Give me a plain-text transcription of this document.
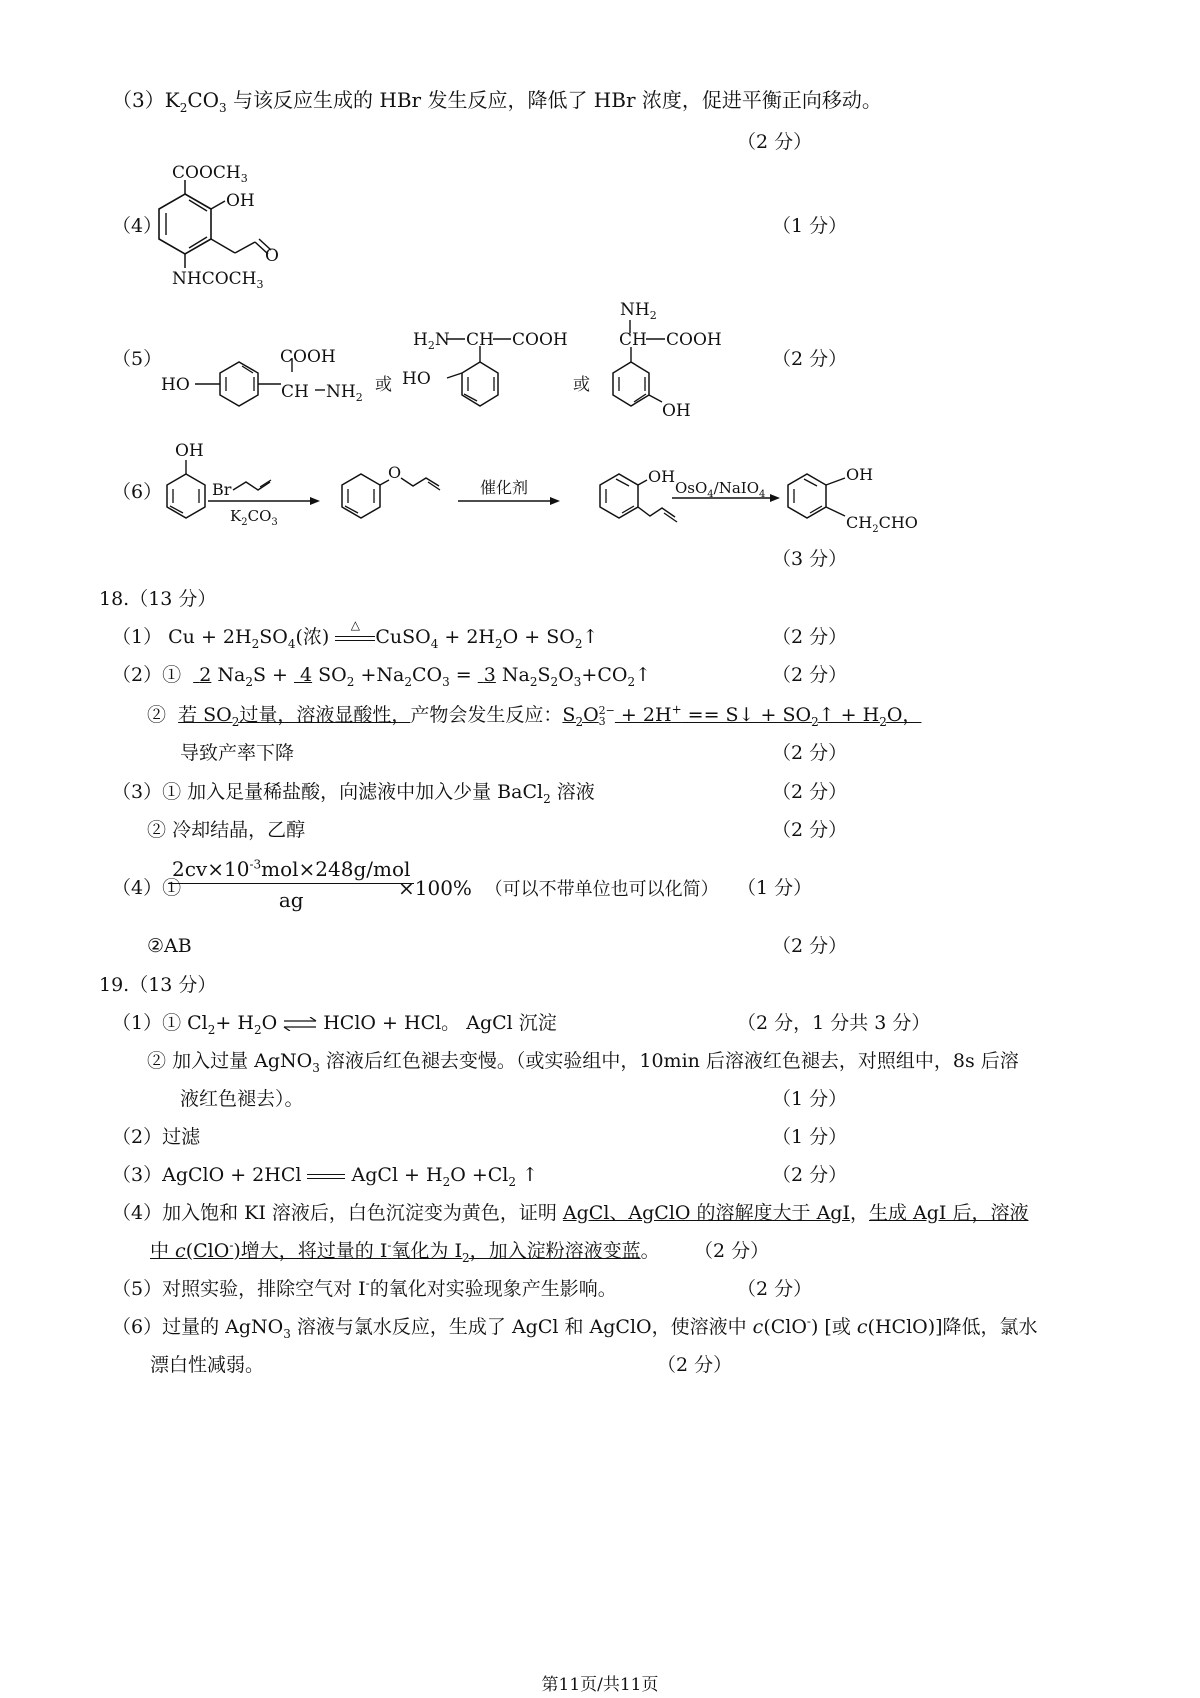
$(3)K_2CO_3$ 与该反应生成的 HBr 发生反应，降低了 HBr 浓度，促进平衡正向移动。
（2 分）
（4）
$COOCH_3$
OH
O
$NHCOCH_3$
（1 分）
（5）	COOH
HO	CH $NH_2$
或
$H_2N$ CH COOH
HO	或
$NH_2$
CH COOH
OH
（2 分）
（6）
OH
Br
$K_2CO_3$
O
催化剂
OH
OsO$_4$/NaIO$_4$
OH
$CH_2CHO$
（3 分）
18.（13 分）
（1） $Cu + 2H_2SO_4$(浓)
△
CuSO$_4$ + $2H_2O$ + $SO_2↑$	（2 分）
（2）① 2 $Na_2S + 4$ $SO_2 +Na_2CO_3 = 3$ $Na_2S_2O_3+CO_2↑$	（2 分）
② 若 $SO_2$过量，溶液显酸性，产物会发生反应：$S_2O$ 2−
3 + 2H+ == S↓ + $SO_2↑ + H_2O$，
导致产率下降	（2 分）
（3）① 加入足量稀盐酸，向滤液中加入少量 BaCl$_2$ 溶液	（2 分）
② 冷却结晶，乙醇	（2 分）
（4）①
$2cv\times 10^{-3}mol\times 248g$/mol
ag	×100% （可以不带单位也可以化简） （1 分）
②AB	（2 分）
19.（13 分）
（1）① $Cl_2+ H_2O$ ⇌ HClO + HCl。 AgCl 沉淀	（2 分，1 分共 3 分）
② 加入过量 AgNO$_3$ 溶液后红色褪去变慢。（或实验组中，10min 后溶液红色褪去，对照组中，8s 后溶
液红色褪去）。	（1 分）
（2）过滤	（1 分）
（3）AgClO + 2HCl  AgCl + $H_2O +Cl_2$ ↑	（2 分）
（4）加入饱和 KI 溶液后，白色沉淀变为黄色，证明 AgCl、AgClO 的溶解度大于 AgI，生成 AgI 后，溶液
中 c(ClO-)增大，将过量的 I-氧化为 $I_2$，加入淀粉溶液变蓝。 （2 分）
（5）对照实验，排除空气对 I-的氧化对实验现象产生影响。	（2 分）
（6）过量的 AgNO$_3$ 溶液与氯水反应，生成了 AgCl 和 AgClO，使溶液中 c(ClO-) [或 c(HClO)]降低，氯水
漂白性减弱。	（2 分）
第11页/共11页
